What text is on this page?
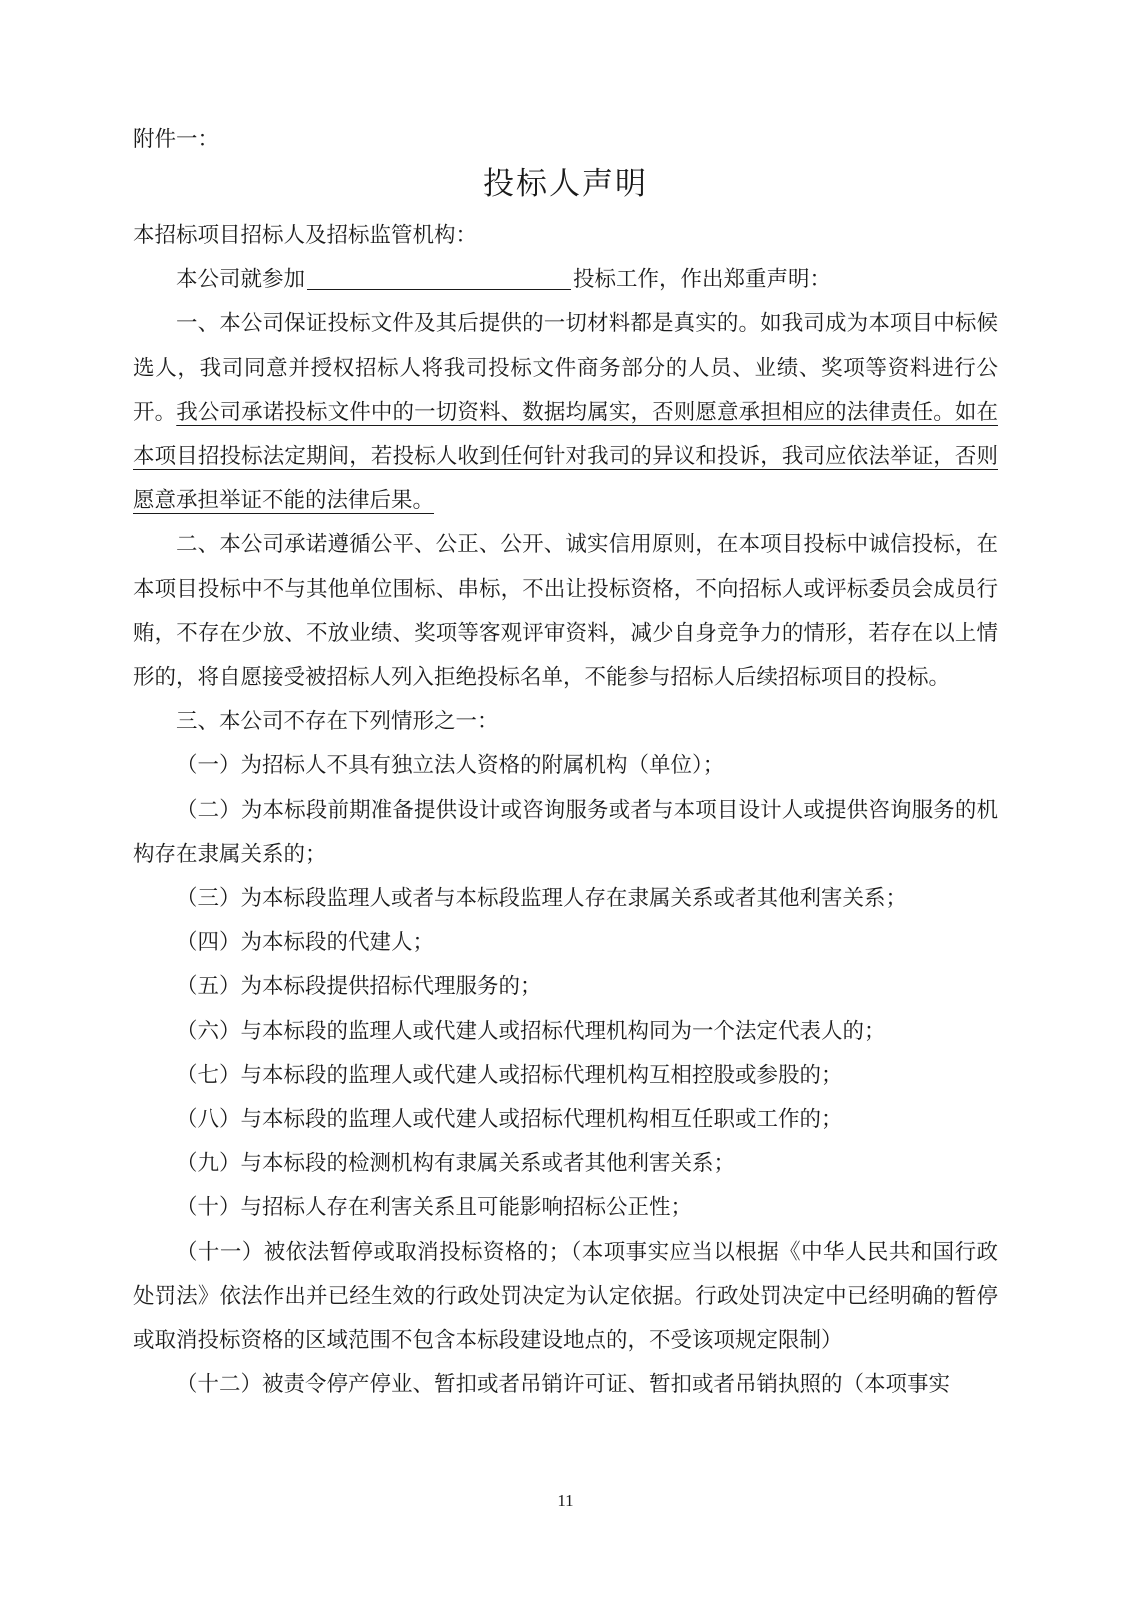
附件一：
投标人声明

本招标项目招标人及招标监管机构：

本公司就参加	投标工作，作出郑重声明：

一、本公司保证投标文件及其后提供的一切材料都是真实的。如我司成为本项目中标候选人，我司同意并授权招标人将我司投标文件商务部分的人员、业绩、奖项等资料进行公开。我公司承诺投标文件中的一切资料、数据均属实，否则愿意承担相应的法律责任。如在本项目招投标法定期间，若投标人收到任何针对我司的异议和投诉，我司应依法举证，否则愿意承担举证不能的法律后果。

二、本公司承诺遵循公平、公正、公开、诚实信用原则，在本项目投标中诚信投标，在本项目投标中不与其他单位围标、串标，不出让投标资格，不向招标人或评标委员会成员行贿，不存在少放、不放业绩、奖项等客观评审资料，减少自身竞争力的情形，若存在以上情形的，将自愿接受被招标人列入拒绝投标名单，不能参与招标人后续招标项目的投标。

三、本公司不存在下列情形之一：

（一）为招标人不具有独立法人资格的附属机构（单位）；

（二）为本标段前期准备提供设计或咨询服务或者与本项目设计人或提供咨询服务的机构存在隶属关系的；

（三）为本标段监理人或者与本标段监理人存在隶属关系或者其他利害关系；

（四）为本标段的代建人；

（五）为本标段提供招标代理服务的；

（六）与本标段的监理人或代建人或招标代理机构同为一个法定代表人的；

（七）与本标段的监理人或代建人或招标代理机构互相控股或参股的；

（八）与本标段的监理人或代建人或招标代理机构相互任职或工作的；

（九）与本标段的检测机构有隶属关系或者其他利害关系；

（十）与招标人存在利害关系且可能影响招标公正性；

（十一）被依法暂停或取消投标资格的；（本项事实应当以根据《中华人民共和国行政处罚法》依法作出并已经生效的行政处罚决定为认定依据。行政处罚决定中已经明确的暂停或取消投标资格的区域范围不包含本标段建设地点的，不受该项规定限制）

（十二）被责令停产停业、暂扣或者吊销许可证、暂扣或者吊销执照的（本项事实

11
